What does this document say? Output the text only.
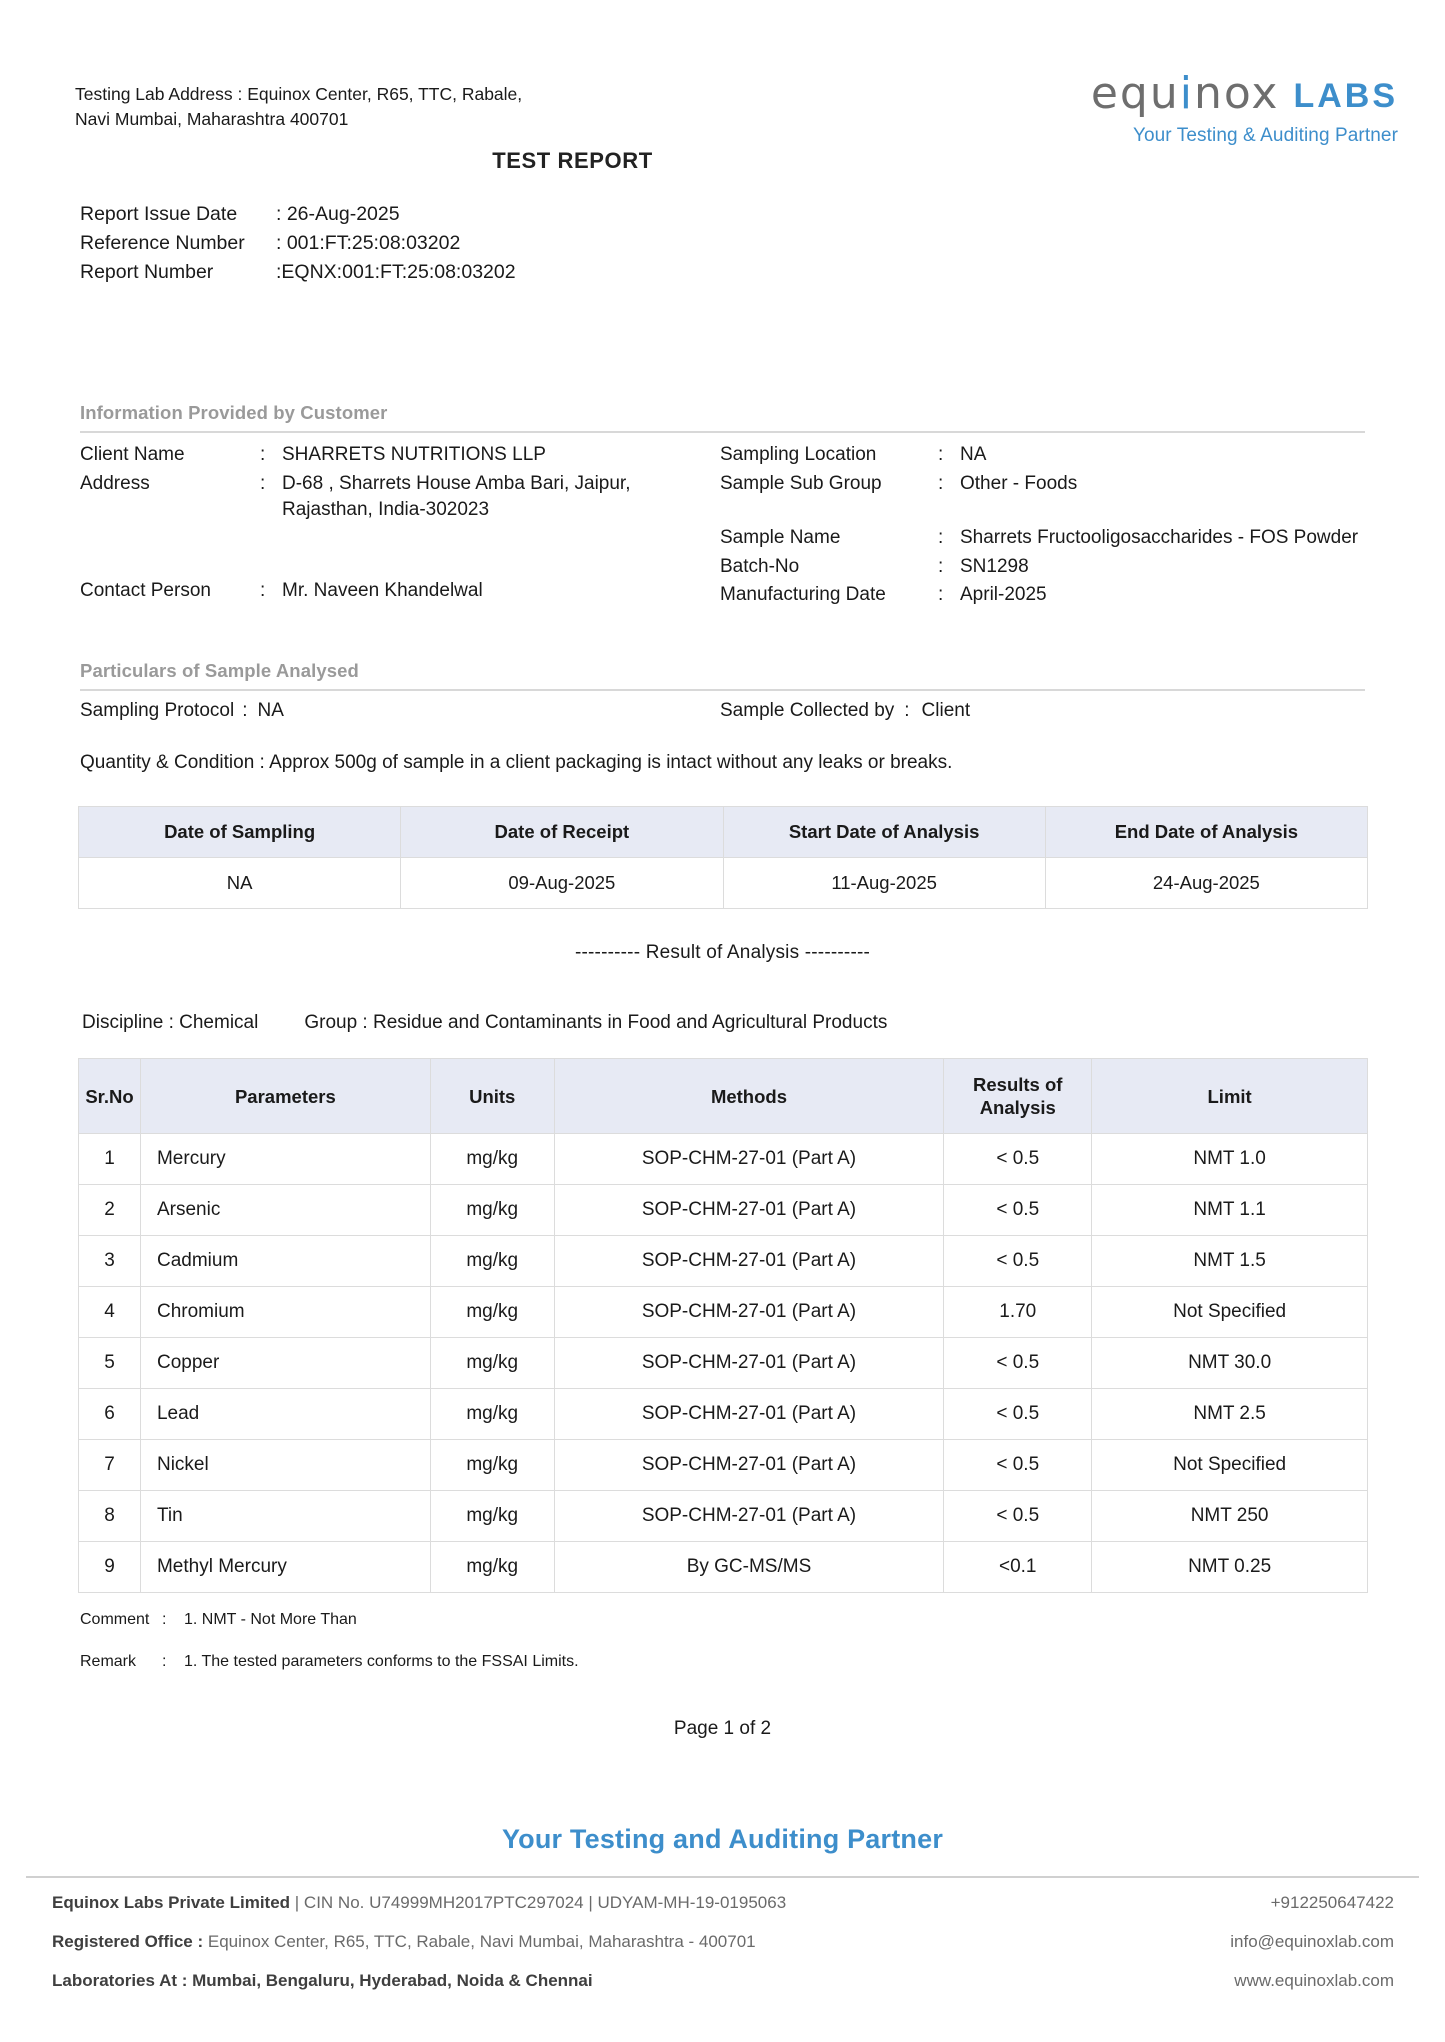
Testing Lab Address : Equinox Center, R65, TTC, Rabale, Navi Mumbai, Maharashtra 400701	equinox LABS
Your Testing & Auditing Partner
TEST REPORT
Report Issue Date	: 26-Aug-2025
Reference Number	: 001:FT:25:08:03202
Report Number	:EQNX:001:FT:25:08:03202
Information Provided by Customer
Client Name	: SHARRETS NUTRITIONS LLP
Address	: D-68 , Sharrets House Amba Bari, Jaipur, Rajasthan, India-302023
Contact Person	: Mr. Naveen Khandelwal
Sampling Location	: NA
Sample Sub Group	: Other - Foods
Sample Name	: Sharrets Fructooligosaccharides - FOS Powder
Batch-No	: SN1298
Manufacturing Date	: April-2025
Particulars of Sample Analysed
Sampling Protocol : NA	Sample Collected by : Client
Quantity & Condition : Approx 500g of sample in a client packaging is intact without any leaks or breaks.
Date of Sampling	Date of Receipt	Start Date of Analysis	End Date of Analysis
NA	09-Aug-2025	11-Aug-2025	24-Aug-2025
---------- Result of Analysis ----------
Discipline : Chemical Group : Residue and Contaminants in Food and Agricultural Products
Sr.No	Parameters	Units	Methods	Results of
Analysis	Limit
1	Mercury	mg/kg	SOP-CHM-27-01 (Part A)	< 0.5	NMT 1.0
2	Arsenic	mg/kg	SOP-CHM-27-01 (Part A)	< 0.5	NMT 1.1
3	Cadmium	mg/kg	SOP-CHM-27-01 (Part A)	< 0.5	NMT 1.5
4	Chromium	mg/kg	SOP-CHM-27-01 (Part A)	1.70	Not Specified
5	Copper	mg/kg	SOP-CHM-27-01 (Part A)	< 0.5	NMT 30.0
6	Lead	mg/kg	SOP-CHM-27-01 (Part A)	< 0.5	NMT 2.5
7	Nickel	mg/kg	SOP-CHM-27-01 (Part A)	< 0.5	Not Specified
8	Tin	mg/kg	SOP-CHM-27-01 (Part A)	< 0.5	NMT 250
9	Methyl Mercury	mg/kg	By GC-MS/MS	<0.1	NMT 0.25
Comment :	1. NMT - Not More Than
Remark	:	1. The tested parameters conforms to the FSSAI Limits.
Page 1 of 2
Your Testing and Auditing Partner
Equinox Labs Private Limited | CIN No. U74999MH2017PTC297024 | UDYAM-MH-19-0195063	+912250647422
Registered Office : Equinox Center, R65, TTC, Rabale, Navi Mumbai, Maharashtra - 400701	info@equinoxlab.com
Laboratories At : Mumbai, Bengaluru, Hyderabad, Noida & Chennai	www.equinoxlab.com
